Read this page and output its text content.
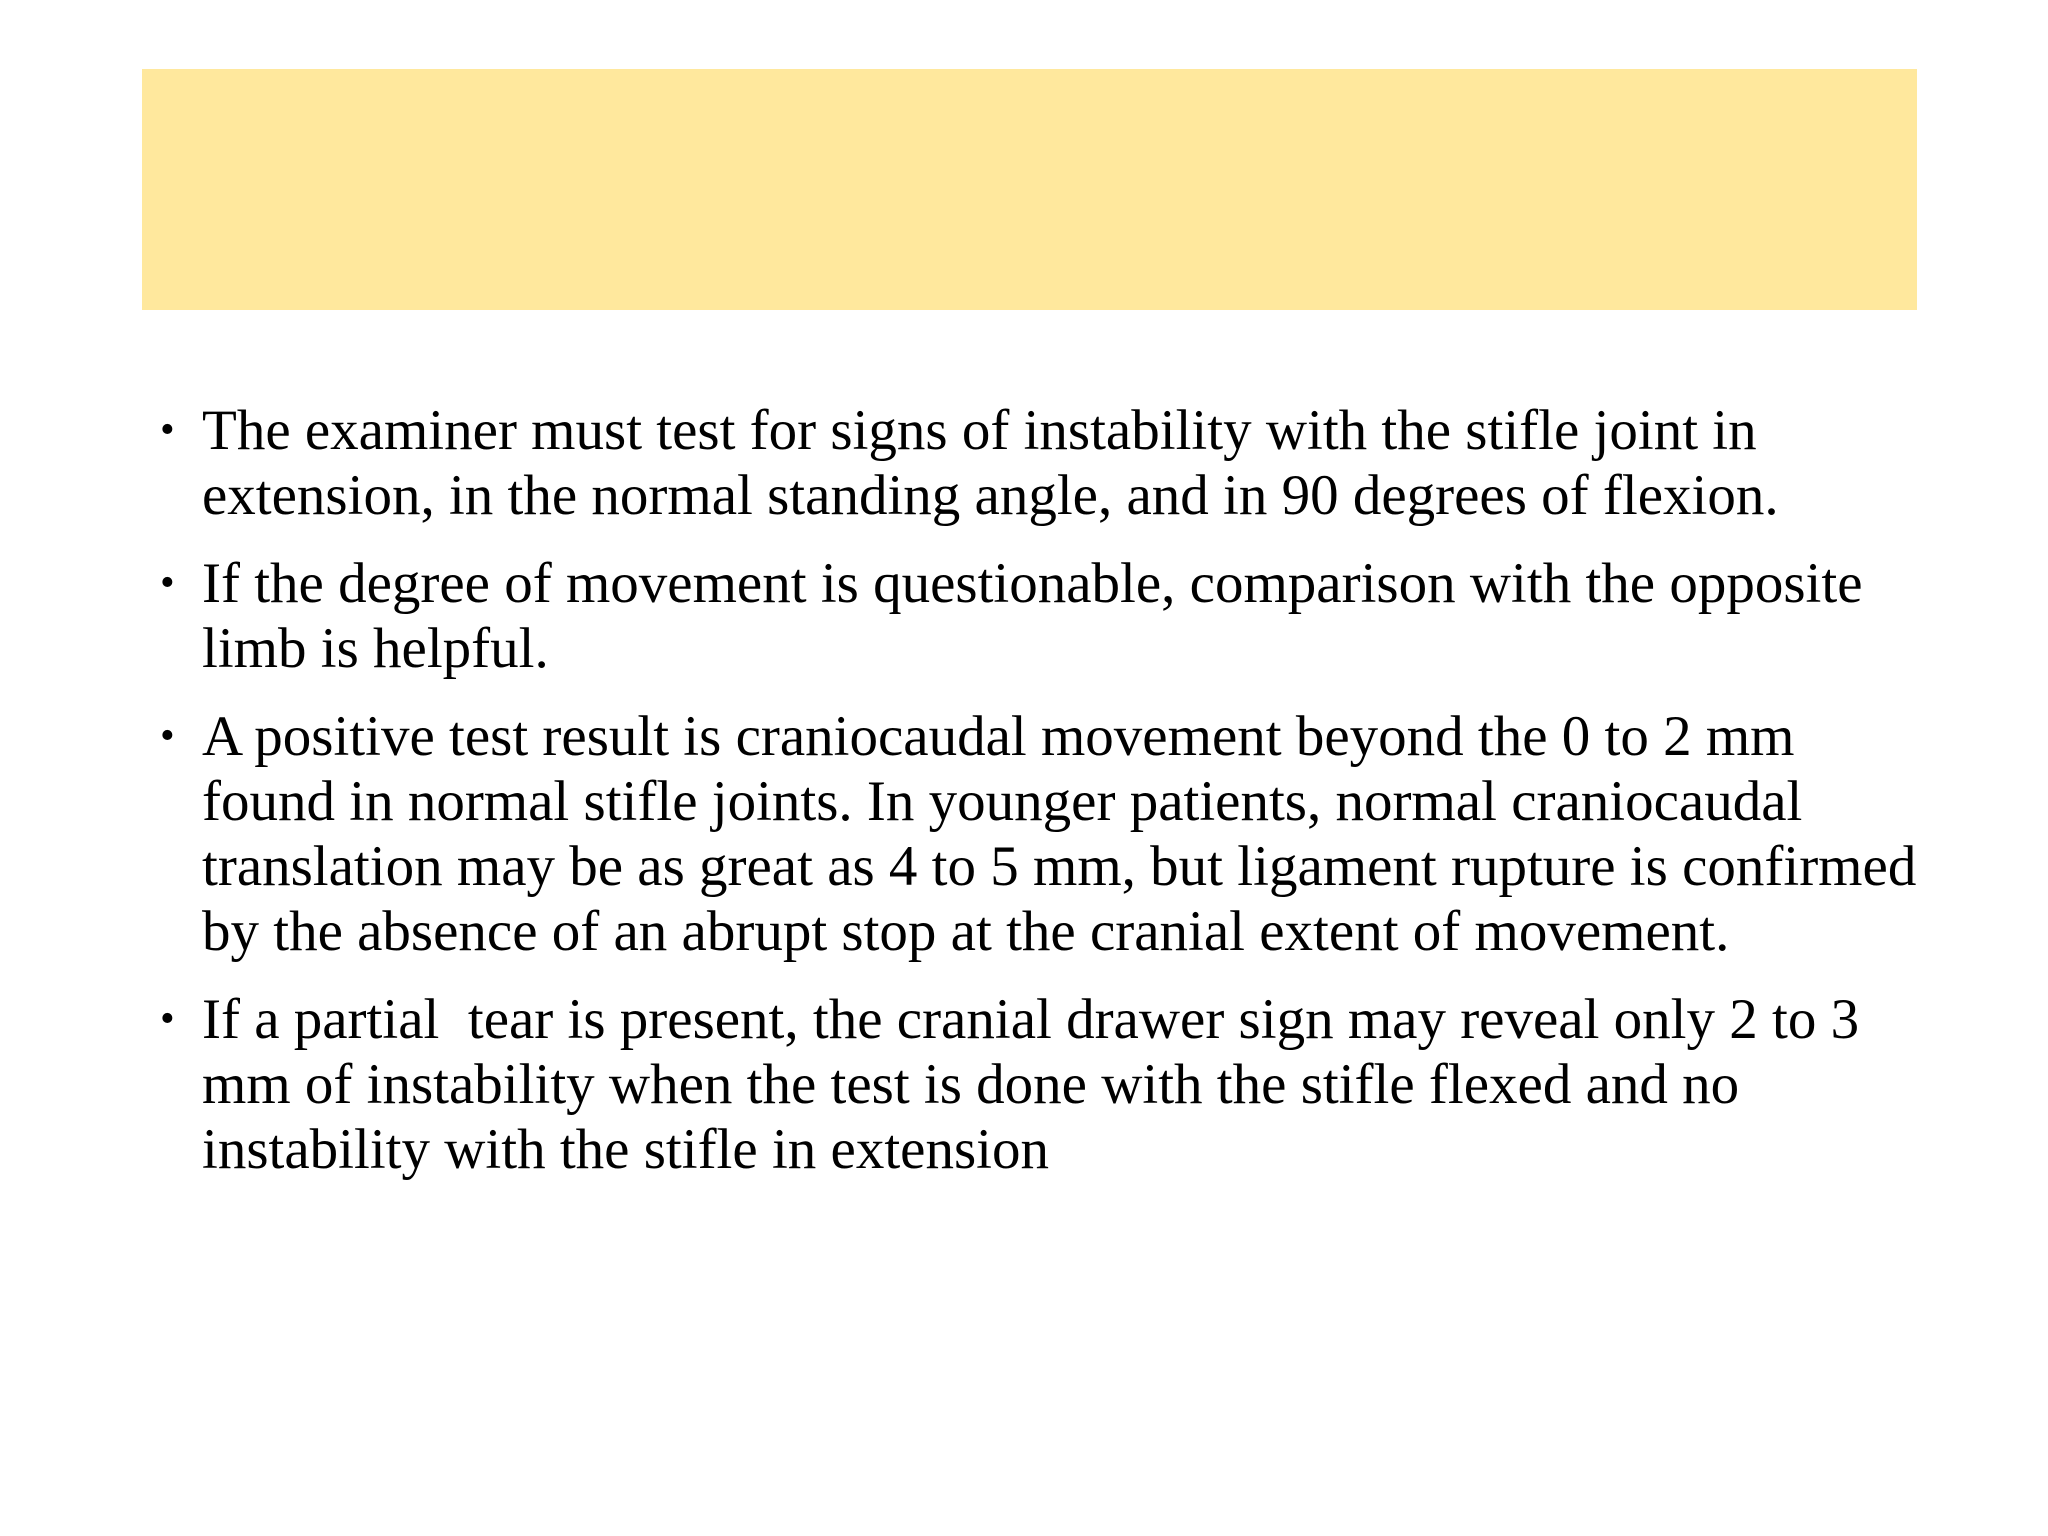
• The examiner must test for signs of instability with the stifle joint in extension, in the normal standing angle, and in 90 degrees of flexion.
• If the degree of movement is questionable, comparison with the opposite limb is helpful.
• A positive test result is craniocaudal movement beyond the 0 to 2 mm found in normal stifle joints. In younger patients, normal craniocaudal translation may be as great as 4 to 5 mm, but ligament rupture is confirmed by the absence of an abrupt stop at the cranial extent of movement.
• If a partial  tear is present, the cranial drawer sign may reveal only 2 to 3 mm of instability when the test is done with the stifle flexed and no instability with the stifle in extension
